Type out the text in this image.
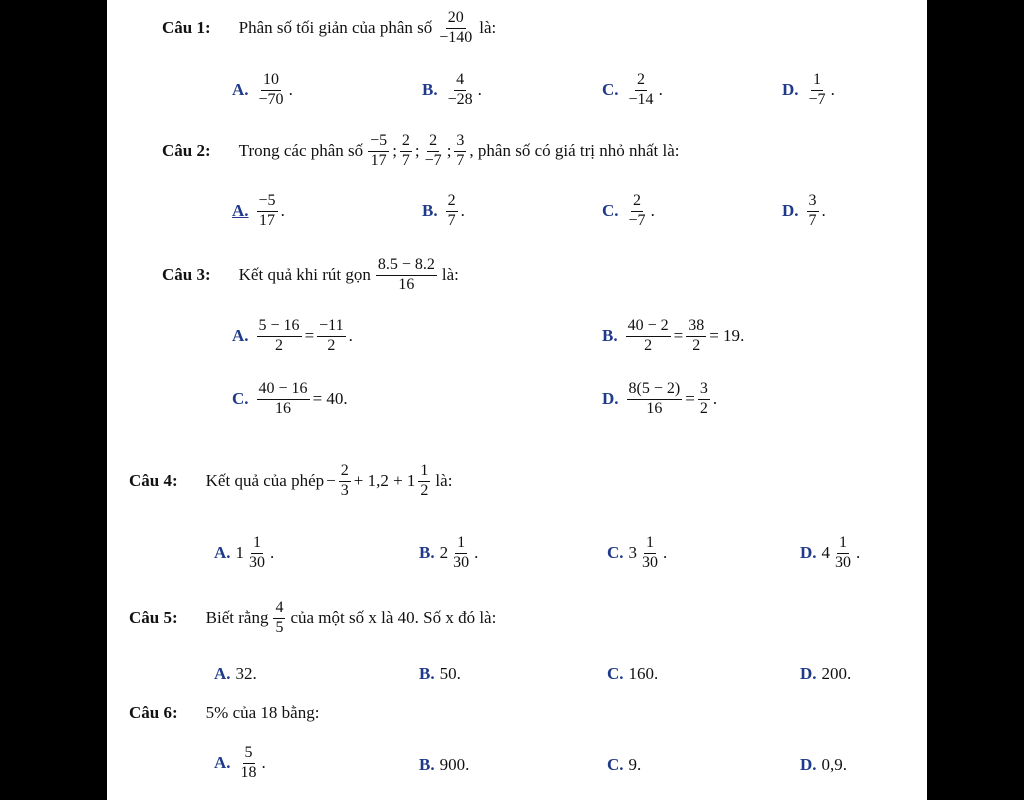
Câu 1: Phân số tối giản của phân số $\frac{20}{-140}$ là:
A. $\frac{10}{-70}$ .	B. $\frac{4}{-28}$ .	C. $\frac{2}{-14}$ .	D. $\frac{1}{-7}$ .
Câu 2: Trong các phân số $\frac{-5}{17}$ ; $\frac{2}{7}$ ; $\frac{2}{-7}$ ; $\frac{3}{7}$ , phân số có giá trị nhỏ nhất là:
A. $\frac{-5}{17}$ .	B. $\frac{2}{7}$ .	C. $\frac{2}{-7}$ .	D. $\frac{3}{7}$ .
Câu 3: Kết quả khi rút gọn $\frac{8.5 - 8.2}{16}$ là:
A. $\frac{5 - 16}{2} = \frac{-11}{2}$ .	B. $\frac{40 - 2}{2} = \frac{38}{2} = 19$ .
C. $\frac{40 - 16}{16} = 40$ .	D. $\frac{8(5 - 2)}{16} = \frac{3}{2}$ .
Câu 4: Kết quả của phép − $\frac{2}{3} + 1,2 + 1 \frac{1}{2}$ là:
A. $1 \frac{1}{30}$ .	B. $2 \frac{1}{30}$ .	C. $3 \frac{1}{30}$ .	D. $4 \frac{1}{30}$ .
Câu 5: Biết rằng $\frac{4}{5}$ của một số x là 40. Số x đó là:
A. 32.	B. 50.	C. 160.	D. 200.
Câu 6: 5% của 18 bằng:
A. $\frac{5}{18}$ .	B. 900.	C. 9.	D. 0,9.
